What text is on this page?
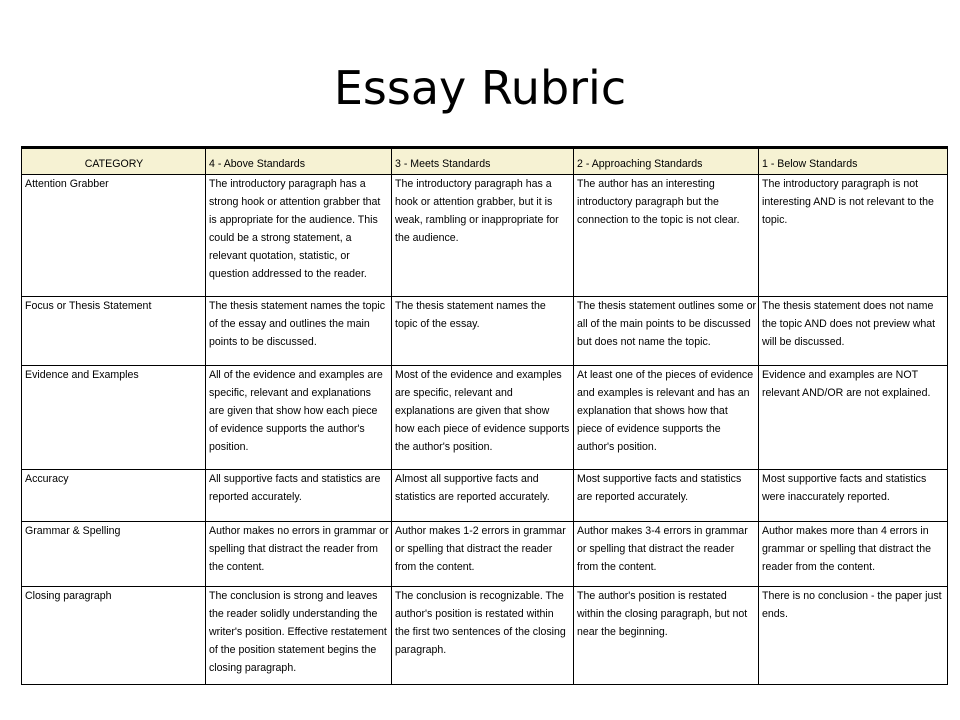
Essay Rubric
CATEGORY	4 - Above Standards	3 - Meets Standards	2 - Approaching Standards	1 - Below Standards
Attention Grabber	The introductory paragraph has a strong hook or attention grabber that is appropriate for the audience. This could be a strong statement, a relevant quotation, statistic, or question addressed to the reader.	The introductory paragraph has a hook or attention grabber, but it is weak, rambling or inappropriate for the audience.	The author has an interesting introductory paragraph but the connection to the topic is not clear.	The introductory paragraph is not interesting AND is not relevant to the topic.
Focus or Thesis Statement	The thesis statement names the topic of the essay and outlines the main points to be discussed.	The thesis statement names the topic of the essay.	The thesis statement outlines some or all of the main points to be discussed but does not name the topic.	The thesis statement does not name the topic AND does not preview what will be discussed.
Evidence and Examples	All of the evidence and examples are specific, relevant and explanations are given that show how each piece of evidence supports the author's position.	Most of the evidence and examples are specific, relevant and explanations are given that show how each piece of evidence supports the author's position.	At least one of the pieces of evidence and examples is relevant and has an explanation that shows how that piece of evidence supports the author's position.	Evidence and examples are NOT relevant AND/OR are not explained.
Accuracy	All supportive facts and statistics are reported accurately.	Almost all supportive facts and statistics are reported accurately.	Most supportive facts and statistics are reported accurately.	Most supportive facts and statistics were inaccurately reported.
Grammar & Spelling	Author makes no errors in grammar or spelling that distract the reader from the content.	Author makes 1-2 errors in grammar or spelling that distract the reader from the content.	Author makes 3-4 errors in grammar or spelling that distract the reader from the content.	Author makes more than 4 errors in grammar or spelling that distract the reader from the content.
Closing paragraph	The conclusion is strong and leaves the reader solidly understanding the writer's position. Effective restatement of the position statement begins the closing paragraph.	The conclusion is recognizable. The author's position is restated within the first two sentences of the closing paragraph.	The author's position is restated within the closing paragraph, but not near the beginning.	There is no conclusion - the paper just ends.
